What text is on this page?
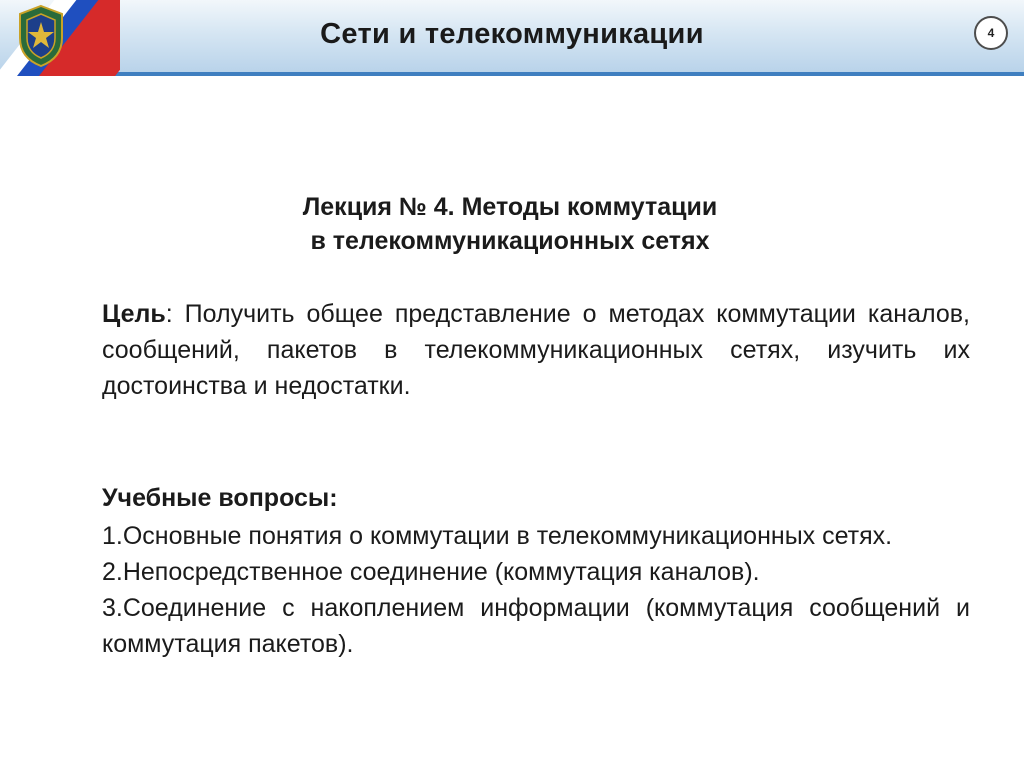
Сети и телекоммуникации	4
Лекция № 4. Методы коммутации
в телекоммуникационных сетях
Цель: Получить общее представление о методах коммутации каналов, сообщений, пакетов в телекоммуникационных сетях, изучить их достоинства и недостатки.
Учебные вопросы:
1.Основные понятия о коммутации в телекоммуникационных сетях.
2.Непосредственное соединение (коммутация каналов).
3.Соединение с накоплением информации (коммутация сообщений и коммутация пакетов).
